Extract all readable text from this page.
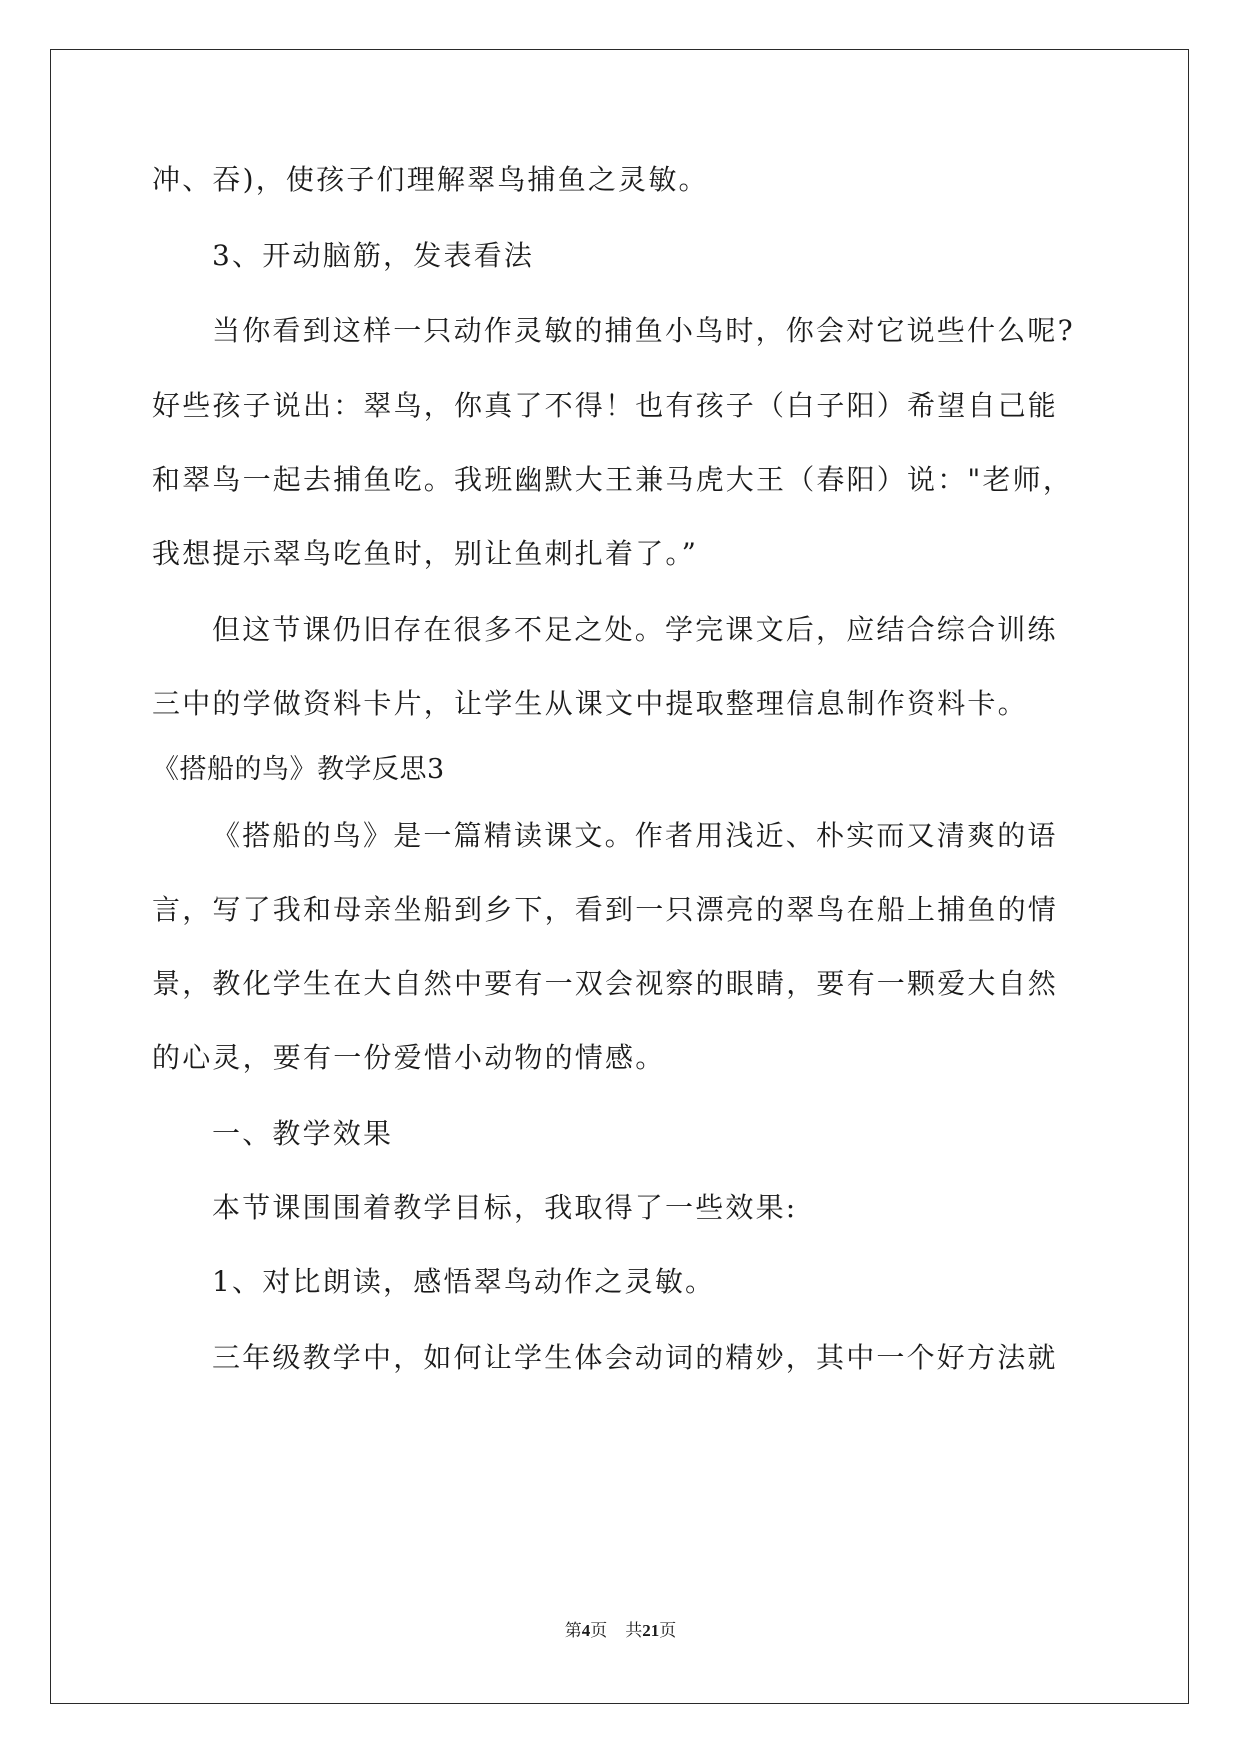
冲、吞)，使孩子们理解翠鸟捕鱼之灵敏。
3、开动脑筋，发表看法
当你看到这样一只动作灵敏的捕鱼小鸟时，你会对它说些什么呢?
好些孩子说出：翠鸟，你真了不得！也有孩子（白子阳）希望自己能
和翠鸟一起去捕鱼吃。我班幽默大王兼马虎大王（春阳）说："老师，
我想提示翠鸟吃鱼时，别让鱼刺扎着了。”
但这节课仍旧存在很多不足之处。学完课文后，应结合综合训练
三中的学做资料卡片，让学生从课文中提取整理信息制作资料卡。
《搭船的鸟》教学反思3
《搭船的鸟》是一篇精读课文。作者用浅近、朴实而又清爽的语
言，写了我和母亲坐船到乡下，看到一只漂亮的翠鸟在船上捕鱼的情
景，教化学生在大自然中要有一双会视察的眼睛，要有一颗爱大自然
的心灵，要有一份爱惜小动物的情感。
一、教学效果
本节课围围着教学目标，我取得了一些效果:
1、对比朗读，感悟翠鸟动作之灵敏。
三年级教学中，如何让学生体会动词的精妙，其中一个好方法就
第4页 共21页
